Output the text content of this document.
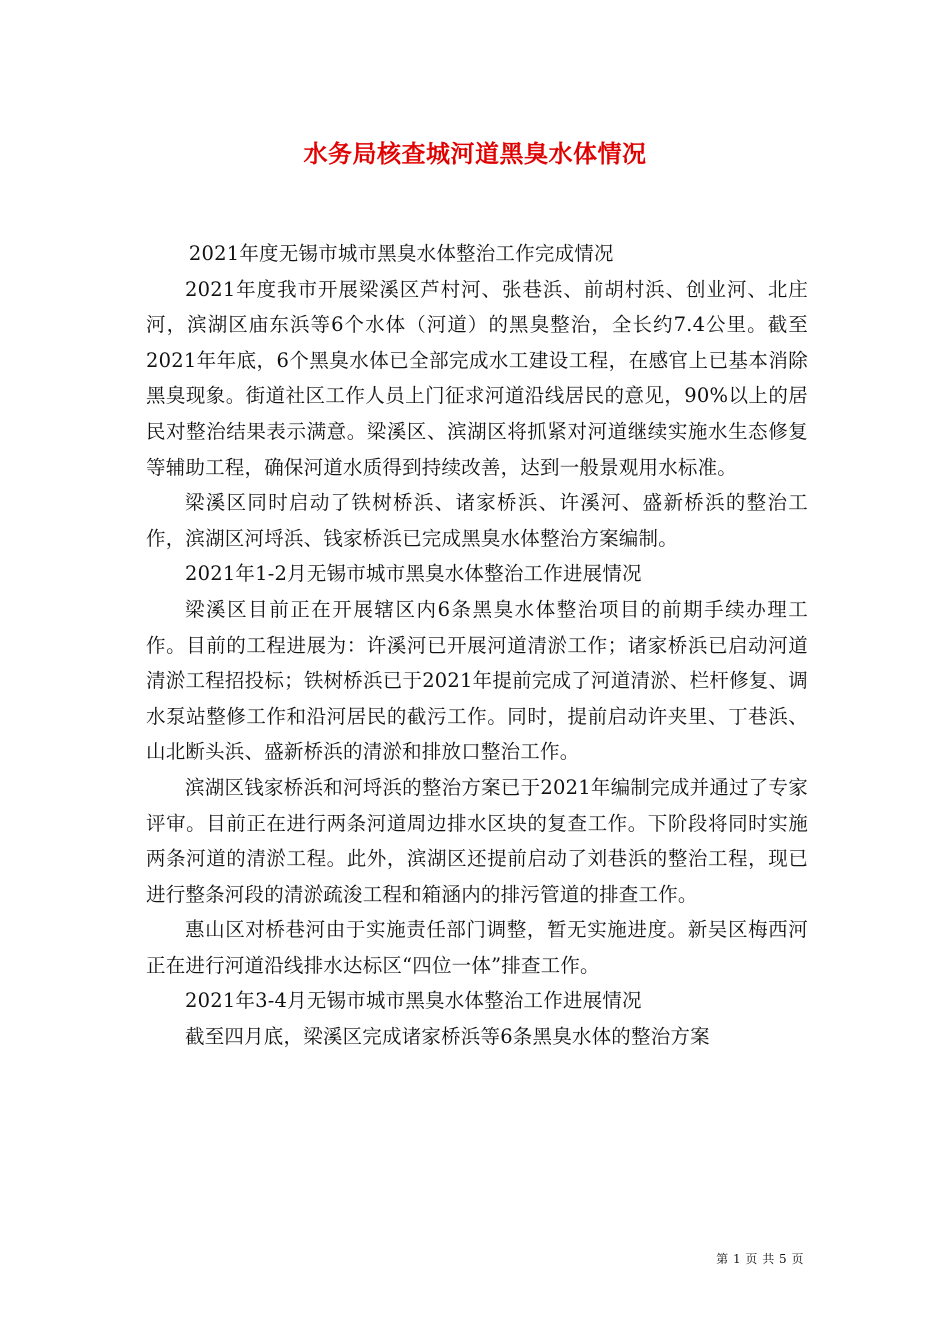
水务局核查城河道黑臭水体情况

2021年度无锡市城市黑臭水体整治工作完成情况

2021年度我市开展梁溪区芦村河、张巷浜、前胡村浜、创业河、北庄河，滨湖区庙东浜等6个水体（河道）的黑臭整治，全长约7.4公里。截至2021年年底，6个黑臭水体已全部完成水工建设工程，在感官上已基本消除黑臭现象。街道社区工作人员上门征求河道沿线居民的意见，90%以上的居民对整治结果表示满意。梁溪区、滨湖区将抓紧对河道继续实施水生态修复等辅助工程，确保河道水质得到持续改善，达到一般景观用水标准。

梁溪区同时启动了铁树桥浜、诸家桥浜、许溪河、盛新桥浜的整治工作，滨湖区河埒浜、钱家桥浜已完成黑臭水体整治方案编制。

2021年1-2月无锡市城市黑臭水体整治工作进展情况

梁溪区目前正在开展辖区内6条黑臭水体整治项目的前期手续办理工作。目前的工程进展为：许溪河已开展河道清淤工作；诸家桥浜已启动河道清淤工程招投标；铁树桥浜已于2021年提前完成了河道清淤、栏杆修复、调水泵站整修工作和沿河居民的截污工作。同时，提前启动许夹里、丁巷浜、山北断头浜、盛新桥浜的清淤和排放口整治工作。

滨湖区钱家桥浜和河埒浜的整治方案已于2021年编制完成并通过了专家评审。目前正在进行两条河道周边排水区块的复查工作。下阶段将同时实施两条河道的清淤工程。此外，滨湖区还提前启动了刘巷浜的整治工程，现已进行整条河段的清淤疏浚工程和箱涵内的排污管道的排查工作。

惠山区对桥巷河由于实施责任部门调整，暂无实施进度。新吴区梅西河正在进行河道沿线排水达标区“四位一体”排查工作。

2021年3-4月无锡市城市黑臭水体整治工作进展情况

截至四月底，梁溪区完成诸家桥浜等6条黑臭水体的整治方案

第 1 页 共 5 页
